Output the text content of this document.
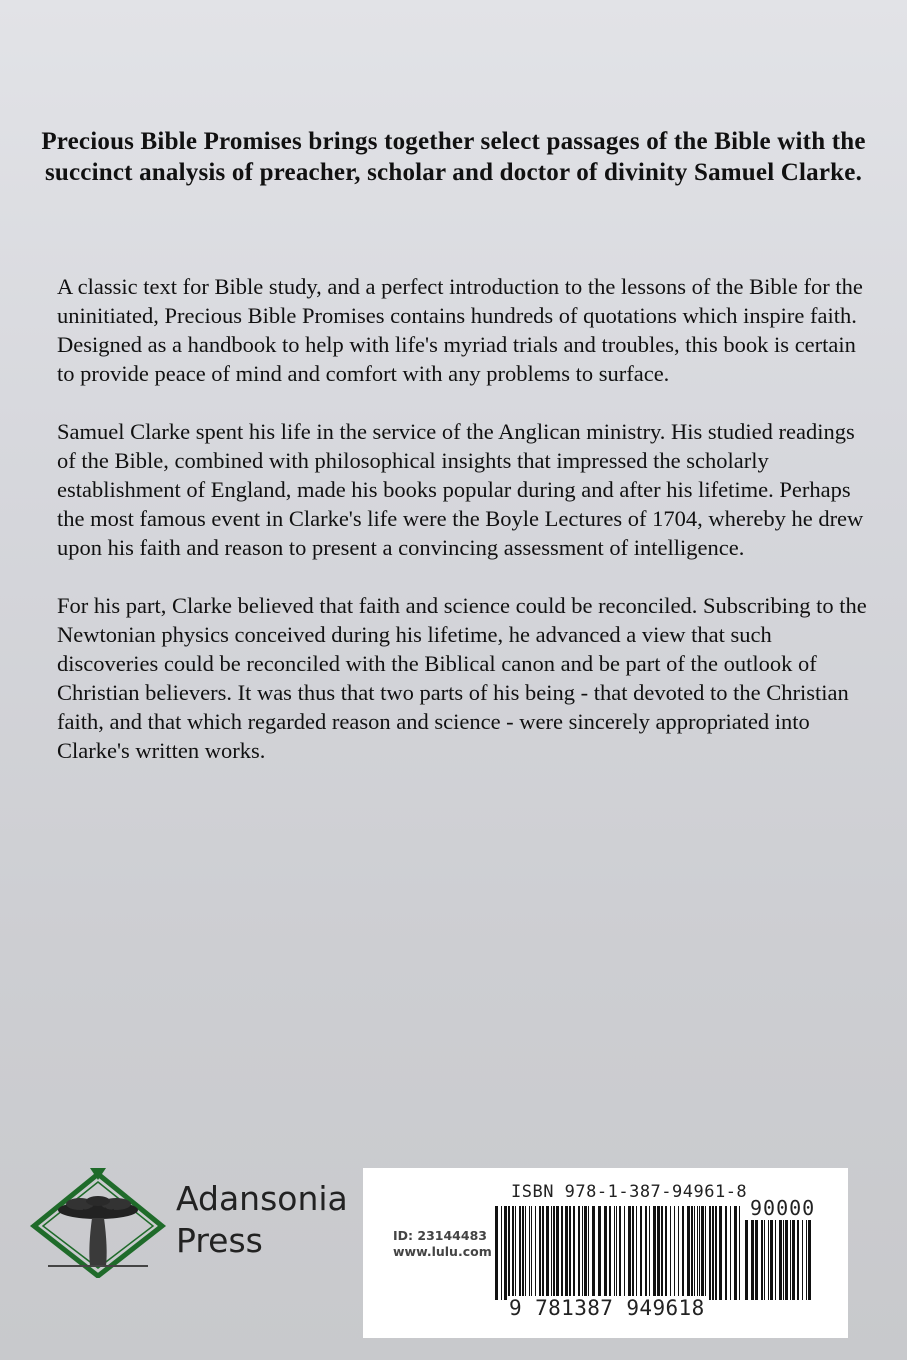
Precious Bible Promises brings together select passages of the Bible with the succinct analysis of preacher, scholar and doctor of divinity Samuel Clarke.

A classic text for Bible study, and a perfect introduction to the lessons of the Bible for the uninitiated, Precious Bible Promises contains hundreds of quotations which inspire faith. Designed as a handbook to help with life's myriad trials and troubles, this book is certain to provide peace of mind and comfort with any problems to surface.

Samuel Clarke spent his life in the service of the Anglican ministry. His studied readings of the Bible, combined with philosophical insights that impressed the scholarly establishment of England, made his books popular during and after his lifetime. Perhaps the most famous event in Clarke's life were the Boyle Lectures of 1704, whereby he drew upon his faith and reason to present a convincing assessment of intelligence.

For his part, Clarke believed that faith and science could be reconciled. Subscribing to the Newtonian physics conceived during his lifetime, he advanced a view that such discoveries could be reconciled with the Biblical canon and be part of the outlook of Christian believers. It was thus that two parts of his being - that devoted to the Christian faith, and that which regarded reason and science - were sincerely appropriated into Clarke's written works.

Adansonia
Press
ISBN 978-1-387-94961-8
90000
9 781387 949618
ID: 23144483
www.lulu.com
